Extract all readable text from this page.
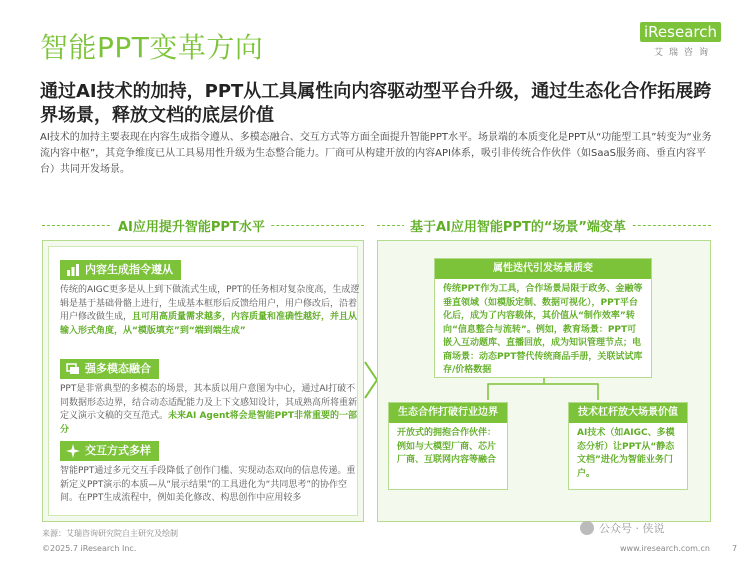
智能PPT变革方向	iResearch
艾瑞咨询
通过AI技术的加持，PPT从工具属性向内容驱动型平台升级，通过生态化合作拓展跨界场景，释放文档的底层价值
AI技术的加持主要表现在内容生成指令遵从、多模态融合、交互方式等方面全面提升智能PPT水平。场景端的本质变化是PPT从“功能型工具”转变为“业务流内容中枢”，其竞争维度已从工具易用性升级为生态整合能力。厂商可从构建开放的内容API体系，吸引非传统合作伙伴（如SaaS服务商、垂直内容平台）共同开发场景。
AI应用提升智能PPT水平	基于AI应用智能PPT的“场景”端变革
内容生成指令遵从
传统的AIGC更多是从上到下做流式生成，PPT的任务相对复杂度高，生成逻辑是基于基础骨骼上进行，生成基本框形后反馈给用户，用户修改后，沿着用户修改做生成，且可用高质量需求越多，内容质量和准确性越好，并且从输入形式角度，从“模版填充”到“端到端生成”
强多模态融合
PPT是非常典型的多模态的场景，其本质以用户意图为中心，通过AI打破不同数据形态边界，结合动态适配能力及上下文感知设计，其成熟高所将重新定义演示文稿的交互范式。未来AI Agent将会是智能PPT非常重要的一部分
交互方式多样
智能PPT通过多元交互手段降低了创作门槛、实现动态双向的信息传递。重新定义PPT演示的本质—从“展示结果”的工具进化为“共同思考”的协作空间。在PPT生成流程中，例如美化修改、构思创作中应用较多
属性迭代引发场景质变
传统PPT作为工具，合作场景局限于政务、金融等垂直领域（如模版定制、数据可视化），PPT平台化后，成为了内容载体，其价值从“制作效率”转向“信息整合与流转”。例如，教育场景：PPT可嵌入互动题库、直播回放，成为知识管理节点；电商场景：动态PPT替代传统商品手册，关联试试库存/价格数据
生态合作打破行业边界
开放式的拥抱合作伙伴：例如与大模型厂商、芯片厂商、互联网内容等融合
技术杠杆放大场景价值
AI技术（如AIGC、多模态分析）让PPT从“静态文档”进化为智能业务门户。
来源：艾瑞咨询研究院自主研究及绘制	公众号 · 侠说
©2025.7 iResearch Inc.	www.iresearch.com.cn	7
